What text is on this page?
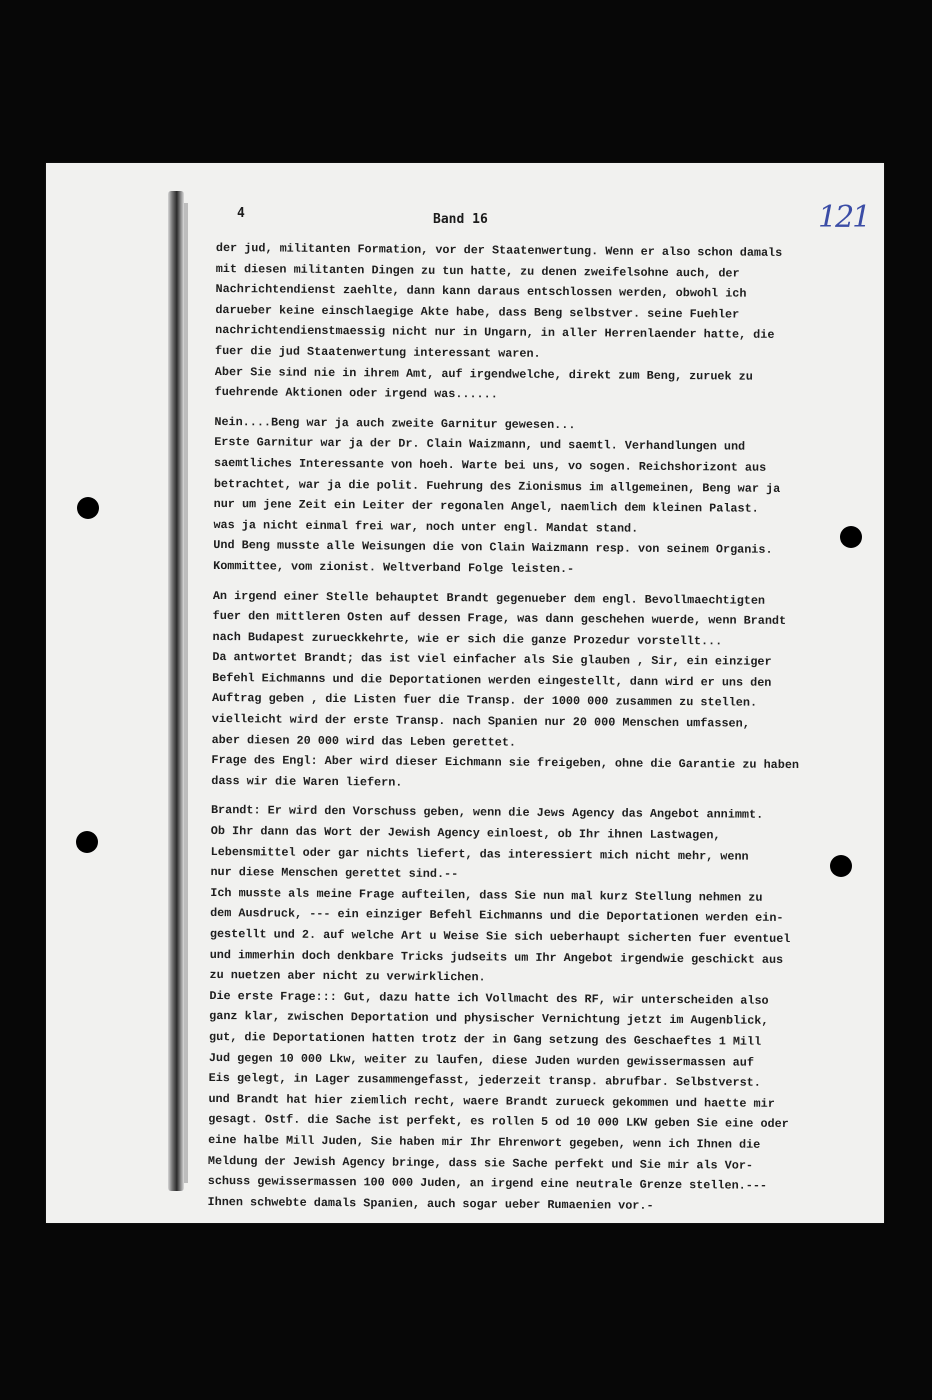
4	Band 16	121
der jud, militanten Formation, vor der Staatenwertung. Wenn er also schon damals
mit diesen militanten Dingen zu tun hatte, zu denen zweifelsohne auch, der
Nachrichtendienst zaehlte, dann kann daraus entschlossen werden, obwohl ich
darueber keine einschlaegige Akte habe, dass Beng selbstver. seine Fuehler
nachrichtendienstmaessig nicht nur in Ungarn, in aller Herrenlaender hatte, die
fuer die jud Staatenwertung interessant waren.
Aber Sie sind nie in ihrem Amt, auf irgendwelche, direkt zum Beng, zuruek zu
fuehrende Aktionen oder irgend was......
Nein....Beng war ja auch zweite Garnitur gewesen...
Erste Garnitur war ja der Dr. Clain Waizmann, und saemtl. Verhandlungen und
saemtliches Interessante von hoeh. Warte bei uns, vo sogen. Reichshorizont aus
betrachtet, war ja die polit. Fuehrung des Zionismus im allgemeinen, Beng war ja
nur um jene Zeit ein Leiter der regonalen Angel, naemlich dem kleinen Palast.
was ja nicht einmal frei war, noch unter engl. Mandat stand.
Und Beng musste alle Weisungen die von Clain Waizmann resp. von seinem Organis.
Kommittee, vom zionist. Weltverband Folge leisten.-
An irgend einer Stelle behauptet Brandt gegenueber dem engl. Bevollmaechtigten
fuer den mittleren Osten auf dessen Frage, was dann geschehen wuerde, wenn Brandt
nach Budapest zurueckkehrte, wie er sich die ganze Prozedur vorstellt...
Da antwortet Brandt; das ist viel einfacher als Sie glauben , Sir, ein einziger
Befehl Eichmanns und die Deportationen werden eingestellt, dann wird er uns den
Auftrag geben , die Listen fuer die Transp. der 1000 000 zusammen zu stellen.
vielleicht wird der erste Transp. nach Spanien nur 20 000 Menschen umfassen,
aber diesen 20 000 wird das Leben gerettet.
Frage des Engl: Aber wird dieser Eichmann sie freigeben, ohne die Garantie zu haben
dass wir die Waren liefern.
Brandt: Er wird den Vorschuss geben, wenn die Jews Agency das Angebot annimmt.
Ob Ihr dann das Wort der Jewish Agency einloest, ob Ihr ihnen Lastwagen,
Lebensmittel oder gar nichts liefert, das interessiert mich nicht mehr, wenn
nur diese Menschen gerettet sind.--
Ich musste als meine Frage aufteilen, dass Sie nun mal kurz Stellung nehmen zu
dem Ausdruck, --- ein einziger Befehl Eichmanns und die Deportationen werden ein-
gestellt und 2. auf welche Art u Weise Sie sich ueberhaupt sicherten fuer eventuel
und immerhin doch denkbare Tricks judseits um Ihr Angebot irgendwie geschickt aus
zu nuetzen aber nicht zu verwirklichen.
Die erste Frage::: Gut, dazu hatte ich Vollmacht des RF, wir unterscheiden also
ganz klar, zwischen Deportation und physischer Vernichtung jetzt im Augenblick,
gut, die Deportationen hatten trotz der in Gang setzung des Geschaeftes 1 Mill
Jud gegen 10 000 Lkw, weiter zu laufen, diese Juden wurden gewissermassen auf
Eis gelegt, in Lager zusammengefasst, jederzeit transp. abrufbar. Selbstverst.
und Brandt hat hier ziemlich recht, waere Brandt zurueck gekommen und haette mir
gesagt. Ostf. die Sache ist perfekt, es rollen 5 od 10 000 LKW geben Sie eine oder
eine halbe Mill Juden, Sie haben mir Ihr Ehrenwort gegeben, wenn ich Ihnen die
Meldung der Jewish Agency bringe, dass sie Sache perfekt und Sie mir als Vor-
schuss gewissermassen 100 000 Juden, an irgend eine neutrale Grenze stellen.---
Ihnen schwebte damals Spanien, auch sogar ueber Rumaenien vor.-
